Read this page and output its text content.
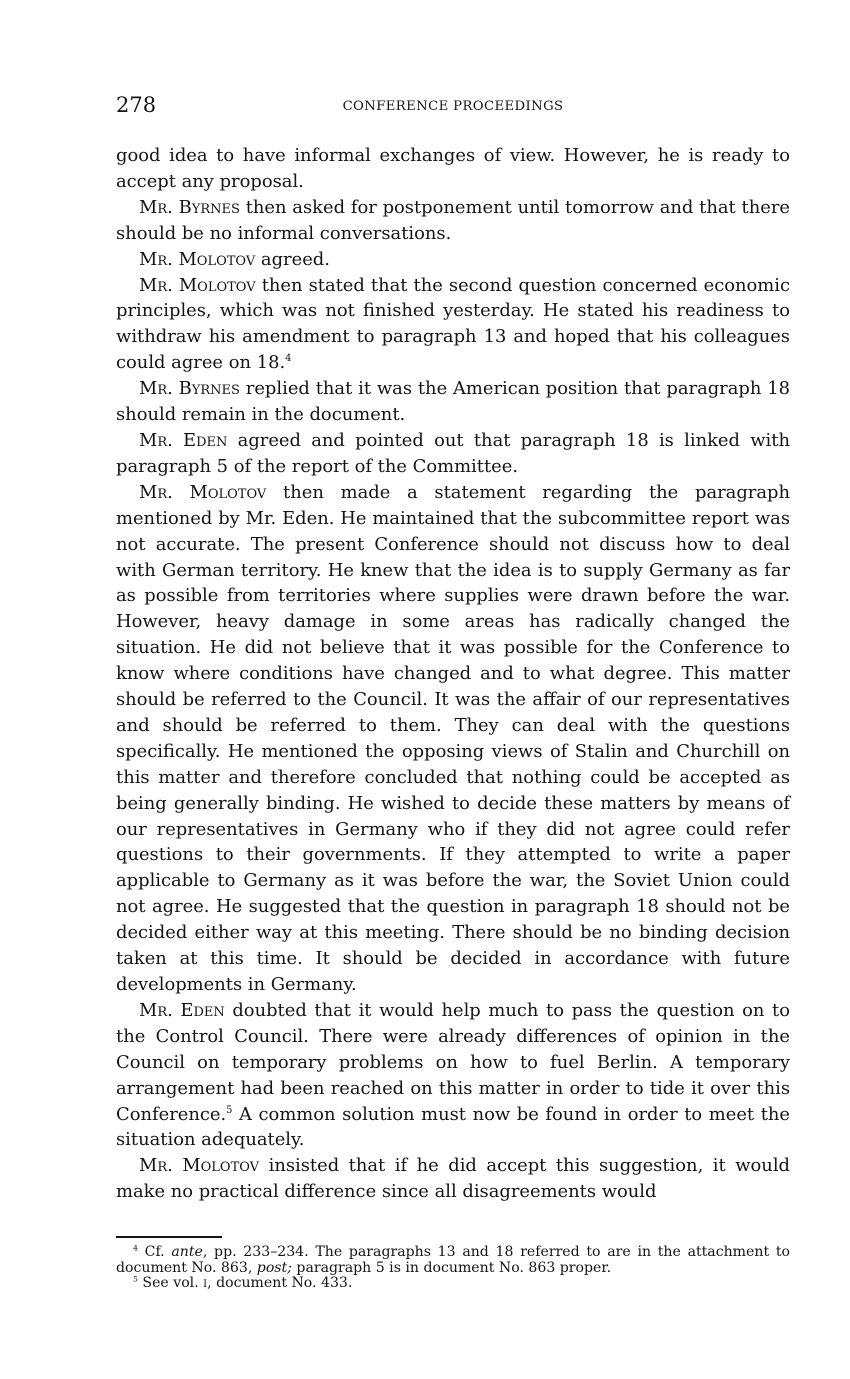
278	CONFERENCE PROCEEDINGS

good idea to have informal exchanges of view. However, he is ready to accept any proposal.

Mr. Byrnes then asked for postponement until tomorrow and that there should be no informal conversations.

Mr. Molotov agreed.

Mr. Molotov then stated that the second question concerned economic principles, which was not finished yesterday. He stated his readiness to withdraw his amendment to paragraph 13 and hoped that his colleagues could agree on 18.$^4$

Mr. Byrnes replied that it was the American position that paragraph 18 should remain in the document.

Mr. Eden agreed and pointed out that paragraph 18 is linked with paragraph 5 of the report of the Committee.

Mr. Molotov then made a statement regarding the paragraph mentioned by Mr. Eden. He maintained that the subcommittee report was not accurate. The present Conference should not discuss how to deal with German territory. He knew that the idea is to supply Germany as far as possible from territories where supplies were drawn before the war. However, heavy damage in some areas has radically changed the situation. He did not believe that it was possible for the Conference to know where conditions have changed and to what degree. This matter should be referred to the Council. It was the affair of our representatives and should be referred to them. They can deal with the questions specifically. He mentioned the opposing views of Stalin and Churchill on this matter and therefore concluded that nothing could be accepted as being generally binding. He wished to decide these matters by means of our representatives in Germany who if they did not agree could refer questions to their governments. If they attempted to write a paper applicable to Germany as it was before the war, the Soviet Union could not agree. He suggested that the question in paragraph 18 should not be decided either way at this meeting. There should be no binding decision taken at this time. It should be decided in accordance with future developments in Germany.

Mr. Eden doubted that it would help much to pass the question on to the Control Council. There were already differences of opinion in the Council on temporary problems on how to fuel Berlin. A temporary arrangement had been reached on this matter in order to tide it over this Conference.$^5$ A common solution must now be found in order to meet the situation adequately.

Mr. Molotov insisted that if he did accept this suggestion, it would make no practical difference since all disagreements would

$^4$ Cf. ante, pp. 233–234. The paragraphs 13 and 18 referred to are in the attachment to document No. 863, post; paragraph 5 is in document No. 863 proper.

$^5$ See vol. i, document No. 433.
